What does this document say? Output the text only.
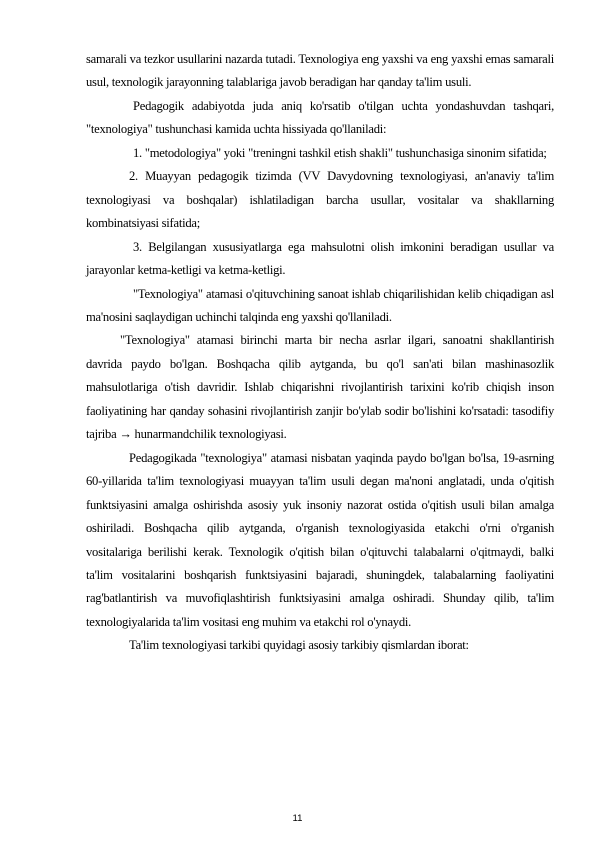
samarali va tezkor usullarini nazarda tutadi. Texnologiya eng yaxshi va eng yaxshi emas samarali usul, texnologik jarayonning talablariga javob beradigan har qanday ta'lim usuli.

Pedagogik adabiyotda juda aniq ko'rsatib o'tilgan uchta yondashuvdan tashqari, "texnologiya" tushunchasi kamida uchta hissiyada qo'llaniladi:

1. "metodologiya" yoki "treningni tashkil etish shakli" tushunchasiga sinonim sifatida;

2. Muayyan pedagogik tizimda (VV Davydovning texnologiyasi, an'anaviy ta'lim texnologiyasi va boshqalar) ishlatiladigan barcha usullar, vositalar va shakllarning kombinatsiyasi sifatida;

3. Belgilangan xususiyatlarga ega mahsulotni olish imkonini beradigan usullar va jarayonlar ketma-ketligi va ketma-ketligi.

"Texnologiya" atamasi o'qituvchining sanoat ishlab chiqarilishidan kelib chiqadigan asl ma'nosini saqlaydigan uchinchi talqinda eng yaxshi qo'llaniladi.

"Texnologiya" atamasi birinchi marta bir necha asrlar ilgari, sanoatni shakllantirish davrida paydo bo'lgan. Boshqacha qilib aytganda, bu qo'l san'ati bilan mashinasozlik mahsulotlariga o'tish davridir. Ishlab chiqarishni rivojlantirish tarixini ko'rib chiqish inson faoliyatining har qanday sohasini rivojlantirish zanjir bo'ylab sodir bo'lishini ko'rsatadi: tasodifiy tajriba → hunarmandchilik texnologiyasi.

Pedagogikada "texnologiya" atamasi nisbatan yaqinda paydo bo'lgan bo'lsa, 19-asrning 60-yillarida ta'lim texnologiyasi muayyan ta'lim usuli degan ma'noni anglatadi, unda o'qitish funktsiyasini amalga oshirishda asosiy yuk insoniy nazorat ostida o'qitish usuli bilan amalga oshiriladi. Boshqacha qilib aytganda, o'rganish texnologiyasida etakchi o'rni o'rganish vositalariga berilishi kerak. Texnologik o'qitish bilan o'qituvchi talabalarni o'qitmaydi, balki ta'lim vositalarini boshqarish funktsiyasini bajaradi, shuningdek, talabalarning faoliyatini rag'batlantirish va muvofiqlashtirish funktsiyasini amalga oshiradi. Shunday qilib, ta'lim texnologiyalarida ta'lim vositasi eng muhim va etakchi rol o'ynaydi.

Ta'lim texnologiyasi tarkibi quyidagi asosiy tarkibiy qismlardan iborat:

11
